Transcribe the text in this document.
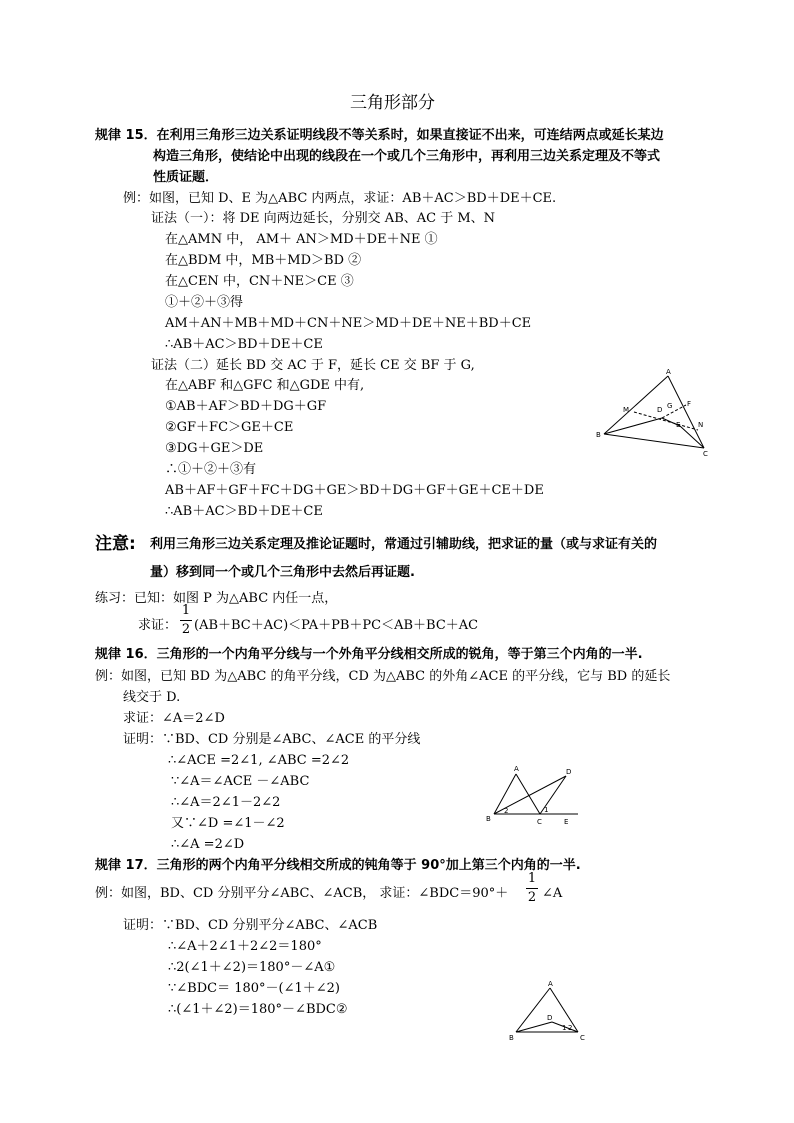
三角形部分
规律 15．在利用三角形三边关系证明线段不等关系时，如果直接证不出来，可连结两点或延长某边
构造三角形，使结论中出现的线段在一个或几个三角形中，再利用三边关系定理及不等式
性质证题．
例：如图，已知 D、E 为△ABC 内两点，求证：AB＋AC＞BD＋DE＋CE.
证法（一）：将 DE 向两边延长，分别交 AB、AC 于 M、N
在△AMN 中， AM＋ AN＞MD＋DE＋NE ①
在△BDM 中，MB＋MD＞BD ②
在△CEN 中，CN＋NE＞CE ③
①＋②＋③得
AM＋AN＋MB＋MD＋CN＋NE＞MD＋DE＋NE＋BD＋CE
∴AB＋AC＞BD＋DE＋CE
证法（二）延长 BD 交 AC 于 F，延长 CE 交 BF 于 G,
在△ABF 和△GFC 和△GDE 中有,
①AB＋AF＞BD＋DG＋GF
②GF＋FC＞GE＋CE
③DG＋GE＞DE
∴①＋②＋③有
AB＋AF＋GF＋FC＋DG＋GE＞BD＋DG＋GF＋GE＋CE＋DE
∴AB＋AC＞BD＋DE＋CE
A
B
C
M	D G F
E	N
注意: 利用三角形三边关系定理及推论证题时，常通过引辅助线，把求证的量（或与求证有关的
量）移到同一个或几个三角形中去然后再证题.
练习：已知：如图 P 为△ABC 内任一点，
求证：
1
2 (AB＋BC＋AC)＜PA＋PB＋PC＜AB＋BC＋AC
规律 16．三角形的一个内角平分线与一个外角平分线相交所成的锐角，等于第三个内角的一半.
例：如图，已知 BD 为△ABC 的角平分线，CD 为△ABC 的外角∠ACE 的平分线，它与 BD 的延长
线交于 D.
求证：∠A＝2∠D
证明：∵BD、CD 分别是∠ABC、∠ACE 的平分线
∴∠ACE =2∠1, ∠ABC =2∠2
∵∠A＝∠ACE －∠ABC
∴∠A＝2∠1－2∠2
又∵∠D =∠1－∠2
∴∠A =2∠D
A
B	C
D
E
1
2
规律 17．三角形的两个内角平分线相交所成的钝角等于 90°加上第三个内角的一半.
例：如图，BD、CD 分别平分∠ABC、∠ACB， 求证：∠BDC＝90°＋
1
2 ∠A
证明：∵BD、CD 分别平分∠ABC、∠ACB
∴∠A＋2∠1＋2∠2＝180°
∴2(∠1＋∠2)＝180°－∠A①
∵∠BDC＝ 180°－(∠1＋∠2)
∴(∠1＋∠2)＝180°－∠BDC②
A
B	C
D
1 2
